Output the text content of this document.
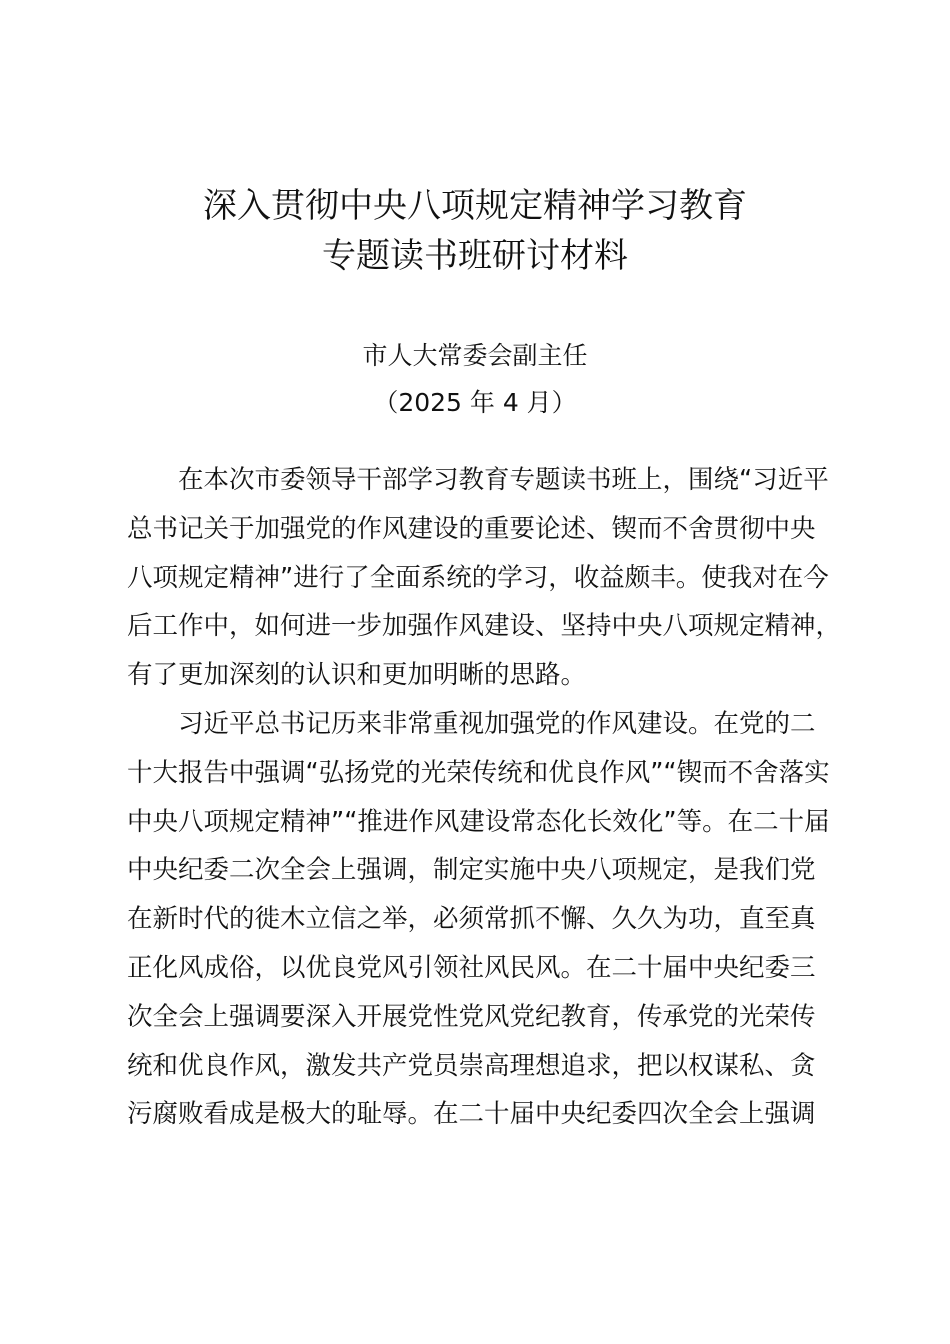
深入贯彻中央八项规定精神学习教育
专题读书班研讨材料
市人大常委会副主任
（2025 年 4 月）
在本次市委领导干部学习教育专题读书班上，围绕“习近平
总书记关于加强党的作风建设的重要论述、锲而不舍贯彻中央
八项规定精神”进行了全面系统的学习，收益颇丰。使我对在今
后工作中，如何进一步加强作风建设、坚持中央八项规定精神，
有了更加深刻的认识和更加明晰的思路。
习近平总书记历来非常重视加强党的作风建设。在党的二
十大报告中强调“弘扬党的光荣传统和优良作风”“锲而不舍落实
中央八项规定精神”“推进作风建设常态化长效化”等。在二十届
中央纪委二次全会上强调，制定实施中央八项规定，是我们党
在新时代的徙木立信之举，必须常抓不懈、久久为功，直至真
正化风成俗，以优良党风引领社风民风。在二十届中央纪委三
次全会上强调要深入开展党性党风党纪教育，传承党的光荣传
统和优良作风，激发共产党员崇高理想追求，把以权谋私、贪
污腐败看成是极大的耻辱。在二十届中央纪委四次全会上强调
